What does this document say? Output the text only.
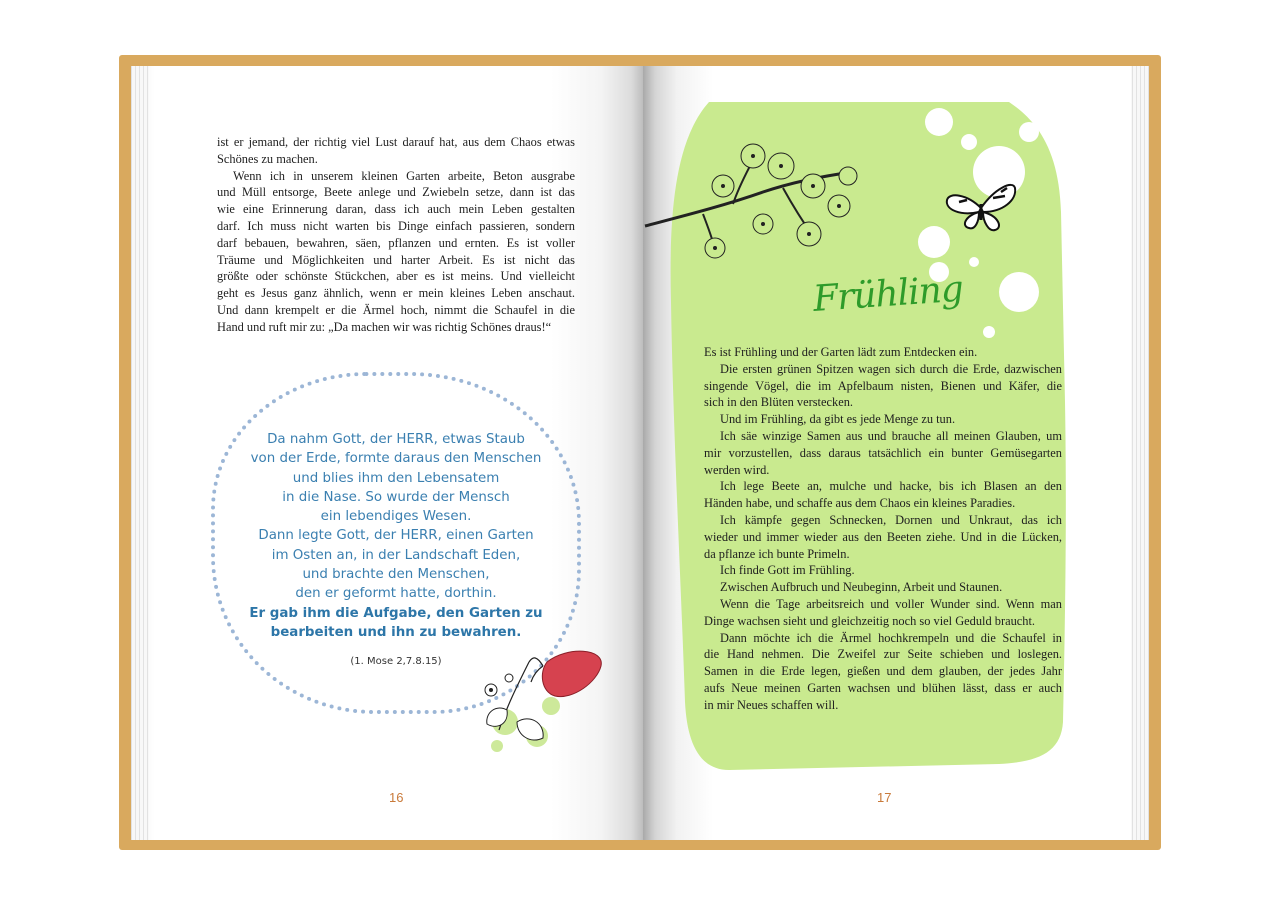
ist er jemand, der richtig viel Lust darauf hat, aus dem Chaos etwas
Schönes zu machen.
Wenn ich in unserem kleinen Garten arbeite, Beton ausgrabe
und Müll entsorge, Beete anlege und Zwiebeln setze, dann ist das
wie eine Erinnerung daran, dass ich auch mein Leben gestalten
darf. Ich muss nicht warten bis Dinge einfach passieren, sondern
darf bebauen, bewahren, säen, pflanzen und ernten. Es ist voller
Träume und Möglichkeiten und harter Arbeit. Es ist nicht das
größte oder schönste Stückchen, aber es ist meins. Und vielleicht
geht es Jesus ganz ähnlich, wenn er mein kleines Leben anschaut.
Und dann krempelt er die Ärmel hoch, nimmt die Schaufel in die
Hand und ruft mir zu: „Da machen wir was richtig Schönes draus!“
Da nahm Gott, der HERR, etwas Staub
von der Erde, formte daraus den Menschen
und blies ihm den Lebensatem
in die Nase. So wurde der Mensch
ein lebendiges Wesen.
Dann legte Gott, der HERR, einen Garten
im Osten an, in der Landschaft Eden,
und brachte den Menschen,
den er geformt hatte, dorthin.
Er gab ihm die Aufgabe, den Garten zu
bearbeiten und ihn zu bewahren.
(1. Mose 2,7.8.15)
16
Frühling
Es ist Frühling und der Garten lädt zum Entdecken ein.
Die ersten grünen Spitzen wagen sich durch die Erde, dazwischen
singende Vögel, die im Apfelbaum nisten, Bienen und Käfer, die
sich in den Blüten verstecken.
Und im Frühling, da gibt es jede Menge zu tun.
Ich säe winzige Samen aus und brauche all meinen Glauben, um
mir vorzustellen, dass daraus tatsächlich ein bunter Gemüsegarten
werden wird.
Ich lege Beete an, mulche und hacke, bis ich Blasen an den
Händen habe, und schaffe aus dem Chaos ein kleines Paradies.
Ich kämpfe gegen Schnecken, Dornen und Unkraut, das ich
wieder und immer wieder aus den Beeten ziehe. Und in die Lücken,
da pflanze ich bunte Primeln.
Ich finde Gott im Frühling.
Zwischen Aufbruch und Neubeginn, Arbeit und Staunen.
Wenn die Tage arbeitsreich und voller Wunder sind. Wenn man
Dinge wachsen sieht und gleichzeitig noch so viel Geduld braucht.
Dann möchte ich die Ärmel hochkrempeln und die Schaufel in
die Hand nehmen. Die Zweifel zur Seite schieben und loslegen.
Samen in die Erde legen, gießen und dem glauben, der jedes Jahr
aufs Neue meinen Garten wachsen und blühen lässt, dass er auch
in mir Neues schaffen will.
17
